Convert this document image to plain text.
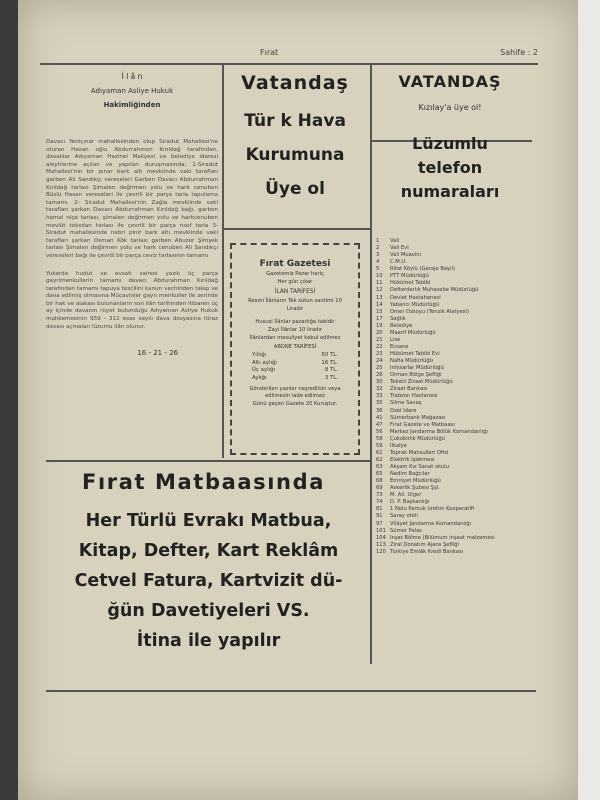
Fırat	Sahife : 2
İ l â n
Adıyaman Asliye Hukuk
Hakimliğinden

Davacı Yeniçınar mahallesinden olup Siradut Mahallesi'ne oturan Hasan oğlu Abdurrahmon Kırıldağ tarafından, davalılar Adıyaman Hazinei Maliyesi ve belediye idaresi aleyhlerine açılan ve yapılan duruşmasında; 1-Siradut Mahallesi'nin bir pınar bark altı mevkiinde vaki tarafları garben Ali Sandıkçı vereseleri Garben Davacı Abdurrahman Kırıldağ tarlası Şimalen değirmen yolu ve hark cenuben Büslü Hasan vereseleri ile çevrili bir parça tarla tapulama tamamı, 2- Siradut Mahallesi'nin Zağla mevkiinde vaki tarafları şarkan Davacı Abdurrahman Kırıldağ bağı, garben hamal niçe tarlası, şimalen değirmen yolu ve harkcenuben mevlüt toksdan tarlası ile çevrili bir parça nısıf tarla 3- Siradut mahallesinde nebri pinir bark altı mevkiinde vaki tarafları şarkan Osman Kök tarlası garben Abuzer Şimşek tarlası Şimalen değirmen yolu ve hark cenuben Ali Sandıkçı vereseleri bağı ile çevrili bir parça ceviz tarlasının tamamı

Yukarda hudut ve evsafı sairesi yazılı üç parça gayrimenkullerin tamamı davacı Abdurahman Kırıldağ tarafından tamamı tapuya tescilini kanun vechinden talep ve dava edilmiş olmasına Mücavinler gayrı menkuller ile zerinde bir hak ve alakası bulunanların son ilân tarihinden itibaren üç ay içinde davanın rüyet bulunduğu Adıyaman Asliye Hukuk mahkemesinin 959 - 312 esas sayılı dava dosyasına itiraz davası açmaları lüzumu ilân olunur.

16 - 21 - 26
Vatandaş
Tür k Hava
Kurumuna
Üye ol
Fırat Gazetesi
Gazetemiz Pazar hariç
Her gün çıkar
İLAN TARİFESİ
Resmi İlânların Tek sütun santimi 10
Liradır
Hususi İlânlar pazarlığa tabidir
Zayi İlânlar 10 liradır
İlânlardan mesuliyet kabul edilmez
ABONE TARİFESİ
Yıllığı	50 TL.
Altı aylığı	16 TL.
Üç aylığı	8 TL.
Aylığı	3 TL.
Gönderilen yazılar neşredilsin veya edilmesin iade edilmez
Günü geçen Gazete 20 Kuruştur.
VATANDAŞ
Kızılay'a üye ol!
Lüzumlu
telefon
numaraları
1	Vali
2	Vali Evi
3	Vali Muavini
4	C.M.U.
5	Rifat Köylü (Garaje Bayii)
10	PTT Müdürlüğü
11	Hükümet Tabibi
12	Defterdarlık Muhasebe Müdürlüğü
13	Devlet Hastahanesi
14	Yabancı Müdürlüğü
15	Ömer Özsoyu (Tenzik Atelyesi)
17	Sağlık
19	Belediye
20	Maarif Müdürlüğü
21	Lise
22	Ecsane
23	Hükümet Tabibi Evi
24	Nafia Müdürlüğü
25	İnhisarlar Müdürlüğü
26	Orman Bölge Şefliği
30	Tekstil Ziraat Müdürlüğü
32	Ziraat Bankası
33	Trabzon Hastanesi
35	Silme Savaş
36	Özel İdare
41	Sümerbank Mağazası
47	Fırat Gazete ve Matbaası
56	Merkez Jandarma Bölük Komandanlığı
58	Çukobirlik Müdürlüğü
59	İlkalye
61	Toprak Mahsulleri Ofisi
62	Elektrik İşletmesi
63	Akşam Kız Sanat okulu
65	Nedim Bağcılar
68	Emniyet Müdürlüğü
69	Askerlik Şubesi Şşi.
73	M. Ali. Ülger
74	D. P. Başkanlığı
81	1 Nolu Pamuk üretim Kooperatifi
91	Saray oteli
97	Vilâyet Jandarma Komandanlığı
101 Sümer Palas
104 İnşat Bölme (Bilümum inşaat malzemesi
113 Ziraî Donatım Ajans Şefliği
120 Türkiye Emlâk Kredi Bankası
Fırat Matbaasında
Her Türlü Evrakı Matbua,
Kitap, Defter, Kart Reklâm
Cetvel Fatura, Kartvizit dü-
ğün Davetiyeleri VS.
İtina ile yapılır
